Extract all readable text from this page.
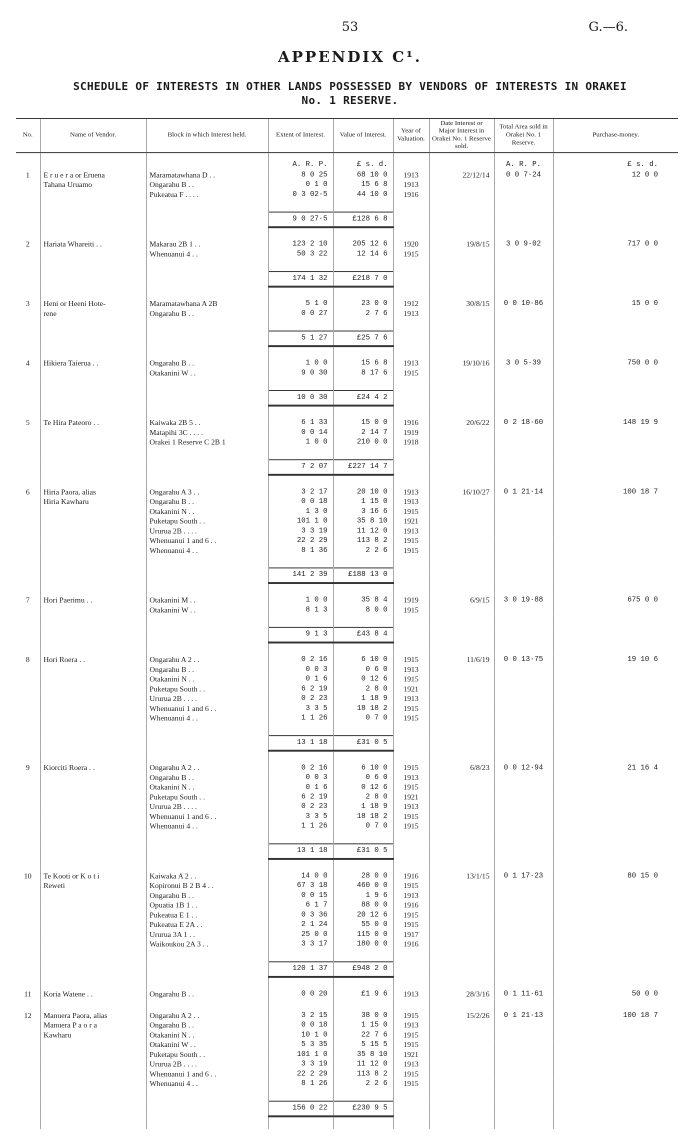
53	G.—6.
APPENDIX C¹.
SCHEDULE OF INTERESTS IN OTHER LANDS POSSESSED BY VENDORS OF INTERESTS IN ORAKEI
No. 1 RESERVE.
No.	Name of Vendor.	Block in which Interest held.	Extent of Interest.	Value of Interest.	Year of Valuation.	Date Interest or Major Interest in Orakei No. 1 Reserve sold.	Total Area sold in Orakei No. 1 Reserve.	Purchase-money.
			A. R. P.	£ s. d.			A. R. P.	£ s. d.
1	E r u e r a or Eruena	Maramatawhana D . .	8 0 25	68 10 0	1913	22/12/14	0 0 7·24	12 0 0
	Tahana Uruamo	Ongarahu B . .	0 1 0	15 6 8	1913			
		Pukeatua F . . . .	0 3 02·5	44 10 0	1916			

			9 0 27·5	£128 6 8				

2	Hariata Whareiti . .	Makarau 2B 1 . .	123 2 10	205 12 6	1920	19/8/15	3 0 9·02	717 0 0
		Whenuanui 4 . .	50 3 22	12 14 6	1915			

			174 1 32	£218 7 0				

3	Heni or Heeni Hote-	Maramatawhana A 2B	5 1 0	23 0 0	1912	30/8/15	0 0 10·86	15 0 0
	rene	Ongarahu B . .	0 0 27	2 7 6	1913			

			5 1 27	£25 7 6				

4	Hikiera Taierua . .	Ongarahu B . .	1 0 0	15 6 8	1913	19/10/16	3 0 5·39	750 0 0
		Otakanini W . .	9 0 30	8 17 6	1915			

			10 0 30	£24 4 2				

5	Te Hira Pateoro . .	Kaiwaka 2B 5 . .	6 1 33	15 0 0	1916	20/6/22	0 2 18·60	148 19 9
		Matapihi 3C . . . .	0 0 14	2 14 7	1919			
		Orakei 1 Reserve C 2B 1	1 0 0	210 0 0	1918			

			7 2 07	£227 14 7				

6	Hiria Paora, alias	Ongarahu A 3 . .	3 2 17	20 10 0	1913	16/10/27	0 1 21·14	100 18 7
	Hiria Kawharu	Ongarahu B . .	0 0 18	1 15 0	1913			
		Otakanini N . .	1 3 0	3 16 6	1915			
		Puketapu South . .	101 1 0	35 8 10	1921			
		Ururua 2B . . . .	3 3 19	11 12 0	1913			
		Whenuanui 1 and 6 . .	22 2 29	113 8 2	1915			
		Whenuanui 4 . .	8 1 36	2 2 6	1915			

			141 2 39	£188 13 0				

7	Hori Paerimu . .	Otakanini M . .	1 0 0	35 8 4	1919	6/9/15	3 0 19·88	675 0 0
		Otakanini W . .	8 1 3	8 0 0	1915			

			9 1 3	£43 8 4				

8	Hori Roera . .	Ongarahu A 2 . .	0 2 16	6 10 0	1915	11/6/19	0 0 13·75	19 10 6
		Ongarahu B . .	0 0 3	0 6 0	1913			
		Otakanini N . .	0 1 6	0 12 6	1915			
		Puketapu South . .	6 2 19	2 8 0	1921			
		Ururua 2B . . . .	0 2 23	1 18 9	1913			
		Whenuanui 1 and 6 . .	3 3 5	18 18 2	1915			
		Whenuanui 4 . .	1 1 26	0 7 0	1915			

			13 1 18	£31 0 5				

9	Kiorciti Roera . .	Ongarahu A 2 . .	0 2 16	6 10 0	1915	6/8/23	0 0 12·94	21 16 4
		Ongarahu B . .	0 0 3	0 6 0	1913			
		Otakanini N . .	0 1 6	0 12 6	1915			
		Puketapu South . .	6 2 19	2 8 0	1921			
		Ururua 2B . . . .	0 2 23	1 18 9	1913			
		Whenuanui 1 and 6 . .	3 3 5	18 18 2	1915			
		Whenuanui 4 . .	1 1 26	0 7 0	1915			

			13 1 18	£31 0 5				

10	Te Kooti or K o t i	Kaiwaka A 2 . .	14 0 0	28 0 0	1916	13/1/15	0 1 17·23	80 15 0
	Reweti	Kopironui B 2 B 4 . .	67 3 18	460 0 0	1915			
		Ongarahu B . .	0 0 15	1 9 6	1913			
		Opuatia 1B 1 . .	6 1 7	88 0 0	1916			
		Pukeatua E 1 . .	0 3 36	20 12 6	1915			
		Pukeatua E 2A . .	2 1 24	55 0 0	1915			
		Ururua 3A 1 . .	25 0 0	115 0 0	1917			
		Waikoukou 2A 3 . .	3 3 17	180 0 0	1916			

			120 1 37	£948 2 0				

11	Koria Watene . .	Ongarahu B . .	0 0 20	£1 9 6	1913	28/3/16	0 1 11·61	50 0 0

12	Manuera Paora, alias	Ongarahu A 2 . .	3 2 15	38 0 0	1915	15/2/26	0 1 21·13	100 18 7
	Manuera P a o r a	Ongarahu B . .	0 0 18	1 15 0	1913			
	Kawharu	Otakanini N . .	10 1 0	22 7 6	1915			
		Otakanini W . .	5 3 35	5 15 5	1915			
		Puketapu South . .	101 1 0	35 8 10	1921			
		Ururua 2B . . . .	3 3 19	11 12 0	1913			
		Whenuanui 1 and 6 . .	22 2 29	113 8 2	1915			
		Whenuanui 4 . .	8 1 26	2 2 6	1915			

			156 0 22	£230 9 5				
